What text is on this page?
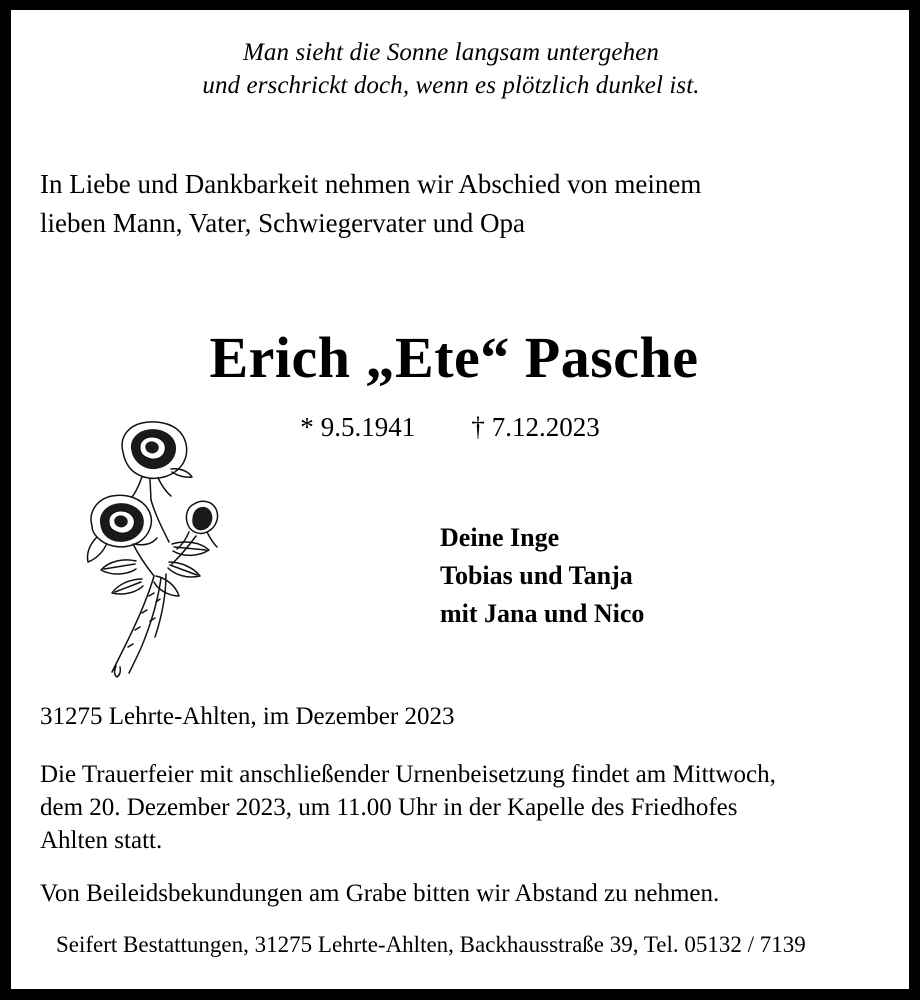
Man sieht die Sonne langsam untergehen
und erschrickt doch, wenn es plötzlich dunkel ist.
In Liebe und Dankbarkeit nehmen wir Abschied von meinem
lieben Mann, Vater, Schwiegervater und Opa
Erich „Ete“ Pasche
* 9.5.1941 † 7.12.2023
Deine Inge
Tobias und Tanja
mit Jana und Nico
31275 Lehrte-Ahlten, im Dezember 2023
Die Trauerfeier mit anschließender Urnenbeisetzung findet am Mittwoch,
dem 20. Dezember 2023, um 11.00 Uhr in der Kapelle des Friedhofes
Ahlten statt.
Von Beileidsbekundungen am Grabe bitten wir Abstand zu nehmen.
Seifert Bestattungen, 31275 Lehrte-Ahlten, Backhausstraße 39, Tel. 05132 / 7139
